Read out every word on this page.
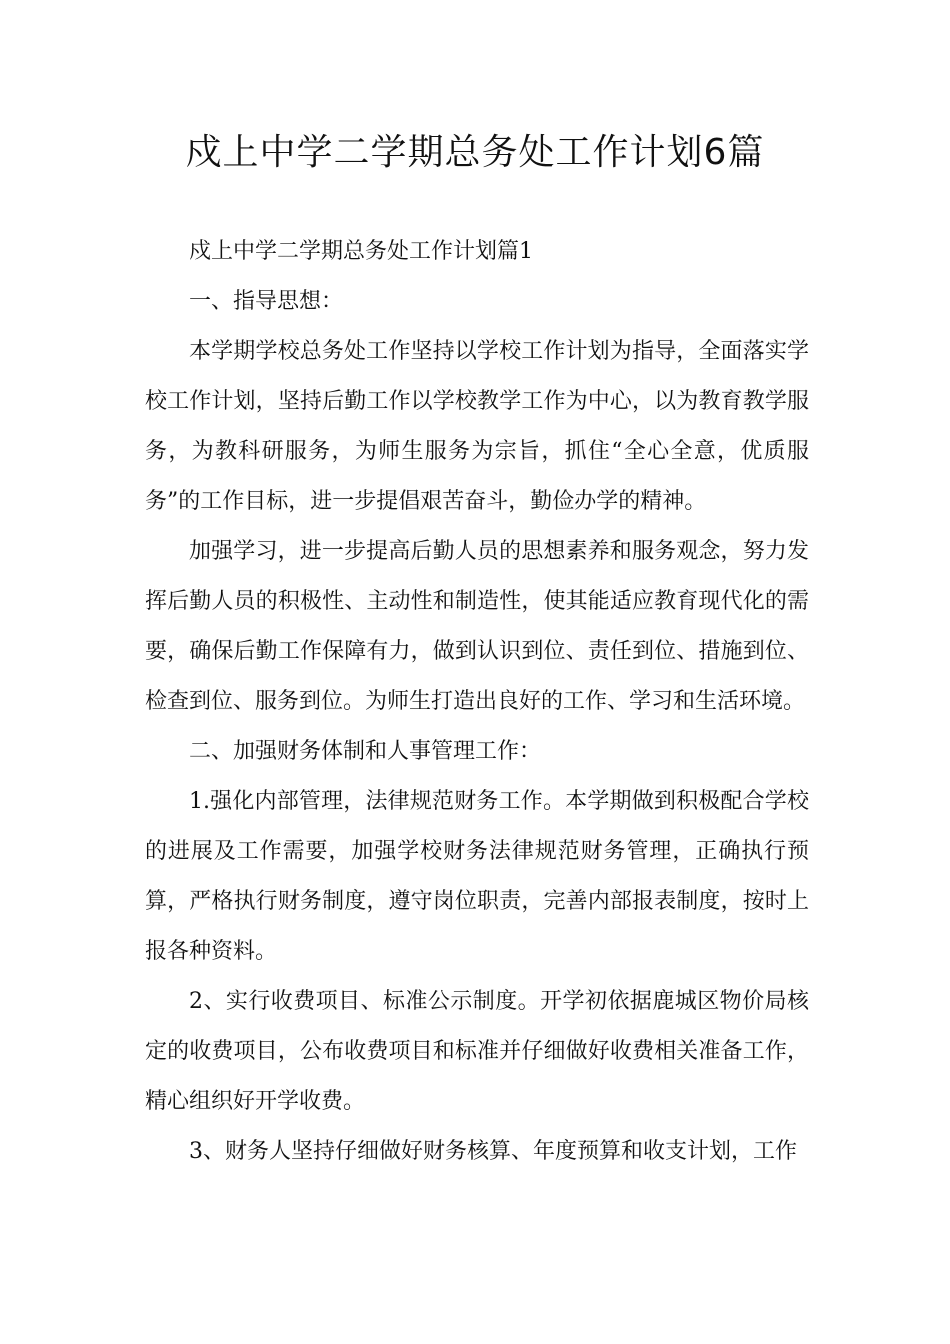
戍上中学二学期总务处工作计划6篇

戍上中学二学期总务处工作计划篇1

一、指导思想：

本学期学校总务处工作坚持以学校工作计划为指导，全面落实学校工作计划，坚持后勤工作以学校教学工作为中心，以为教育教学服务，为教科研服务，为师生服务为宗旨，抓住“全心全意，优质服务”的工作目标，进一步提倡艰苦奋斗，勤俭办学的精神。

加强学习，进一步提高后勤人员的思想素养和服务观念，努力发挥后勤人员的积极性、主动性和制造性，使其能适应教育现代化的需要，确保后勤工作保障有力，做到认识到位、责任到位、措施到位、检查到位、服务到位。为师生打造出良好的工作、学习和生活环境。

二、加强财务体制和人事管理工作：

1.强化内部管理，法律规范财务工作。本学期做到积极配合学校的进展及工作需要，加强学校财务法律规范财务管理，正确执行预算，严格执行财务制度，遵守岗位职责，完善内部报表制度，按时上报各种资料。

2、实行收费项目、标准公示制度。开学初依据鹿城区物价局核定的收费项目，公布收费项目和标准并仔细做好收费相关准备工作，精心组织好开学收费。

3、财务人坚持仔细做好财务核算、年度预算和收支计划，工作
